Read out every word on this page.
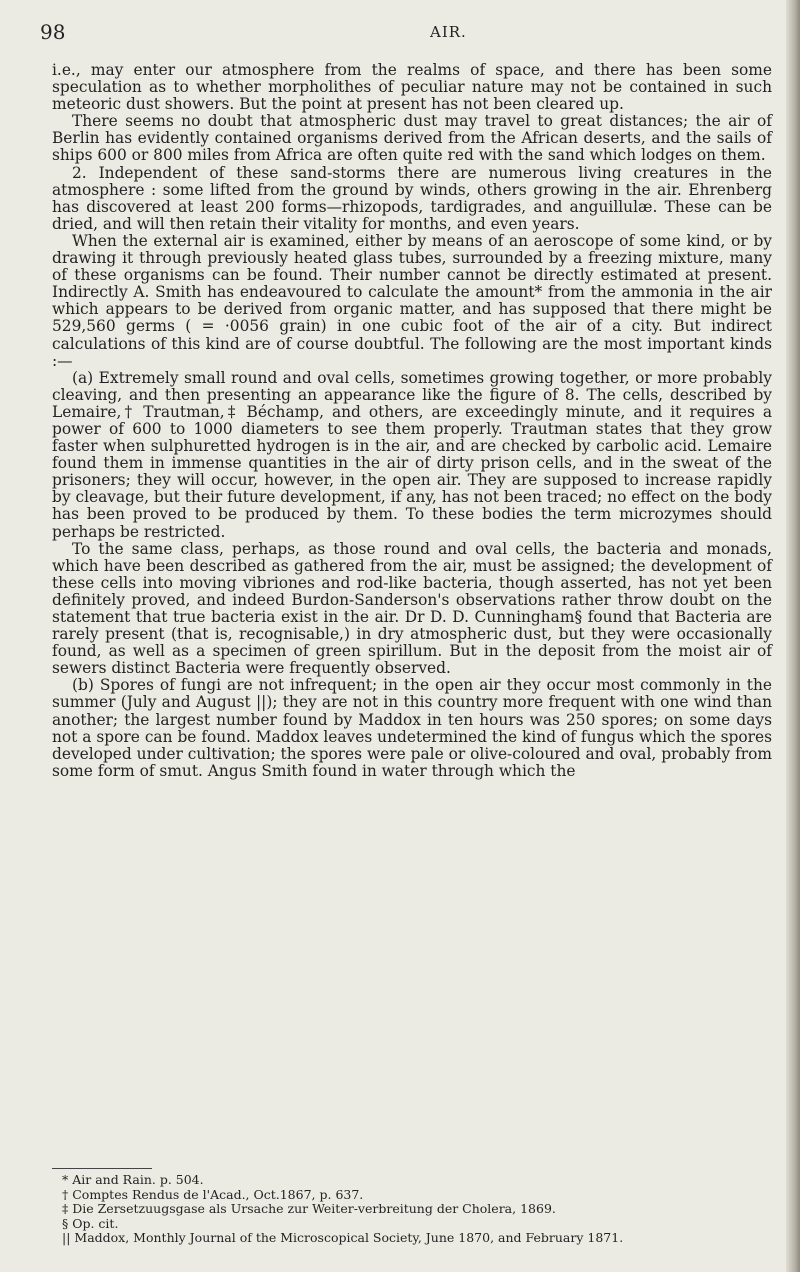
98	AIR.

i.e., may enter our atmosphere from the realms of space, and there has been some speculation as to whether morpholithes of peculiar nature may not be contained in such meteoric dust showers. But the point at present has not been cleared up.

There seems no doubt that atmospheric dust may travel to great distances; the air of Berlin has evidently contained organisms derived from the African deserts, and the sails of ships 600 or 800 miles from Africa are often quite red with the sand which lodges on them.

2. Independent of these sand-storms there are numerous living creatures in the atmosphere : some lifted from the ground by winds, others growing in the air. Ehrenberg has discovered at least 200 forms—rhizopods, tardigrades, and anguillulæ. These can be dried, and will then retain their vitality for months, and even years.

When the external air is examined, either by means of an aeroscope of some kind, or by drawing it through previously heated glass tubes, surrounded by a freezing mixture, many of these organisms can be found. Their number cannot be directly estimated at present. Indirectly A. Smith has endeavoured to calculate the amount* from the ammonia in the air which appears to be derived from organic matter, and has supposed that there might be 529,560 germs ( = ·0056 grain) in one cubic foot of the air of a city. But indirect calculations of this kind are of course doubtful. The following are the most important kinds :—

(a) Extremely small round and oval cells, sometimes growing together, or more probably cleaving, and then presenting an appearance like the figure of 8. The cells, described by Lemaire,† Trautman,‡ Béchamp, and others, are exceedingly minute, and it requires a power of 600 to 1000 diameters to see them properly. Trautman states that they grow faster when sulphuretted hydrogen is in the air, and are checked by carbolic acid. Lemaire found them in immense quantities in the air of dirty prison cells, and in the sweat of the prisoners; they will occur, however, in the open air. They are supposed to increase rapidly by cleavage, but their future development, if any, has not been traced; no effect on the body has been proved to be produced by them. To these bodies the term microzymes should perhaps be restricted.

To the same class, perhaps, as those round and oval cells, the bacteria and monads, which have been described as gathered from the air, must be assigned; the development of these cells into moving vibriones and rod-like bacteria, though asserted, has not yet been definitely proved, and indeed Burdon-Sanderson's observations rather throw doubt on the statement that true bacteria exist in the air. Dr D. D. Cunningham§ found that Bacteria are rarely present (that is, recognisable,) in dry atmospheric dust, but they were occasionally found, as well as a specimen of green spirillum. But in the deposit from the moist air of sewers distinct Bacteria were frequently observed.

(b) Spores of fungi are not infrequent; in the open air they occur most commonly in the summer (July and August ||); they are not in this country more frequent with one wind than another; the largest number found by Maddox in ten hours was 250 spores; on some days not a spore can be found. Maddox leaves undetermined the kind of fungus which the spores developed under cultivation; the spores were pale or olive-coloured and oval, probably from some form of smut. Angus Smith found in water through which the

* Air and Rain. p. 504.

† Comptes Rendus de l'Acad., Oct.1867, p. 637.

‡ Die Zersetzuugsgase als Ursache zur Weiter-verbreitung der Cholera, 1869.

§ Op. cit.

|| Maddox, Monthly Journal of the Microscopical Society, June 1870, and February 1871.
